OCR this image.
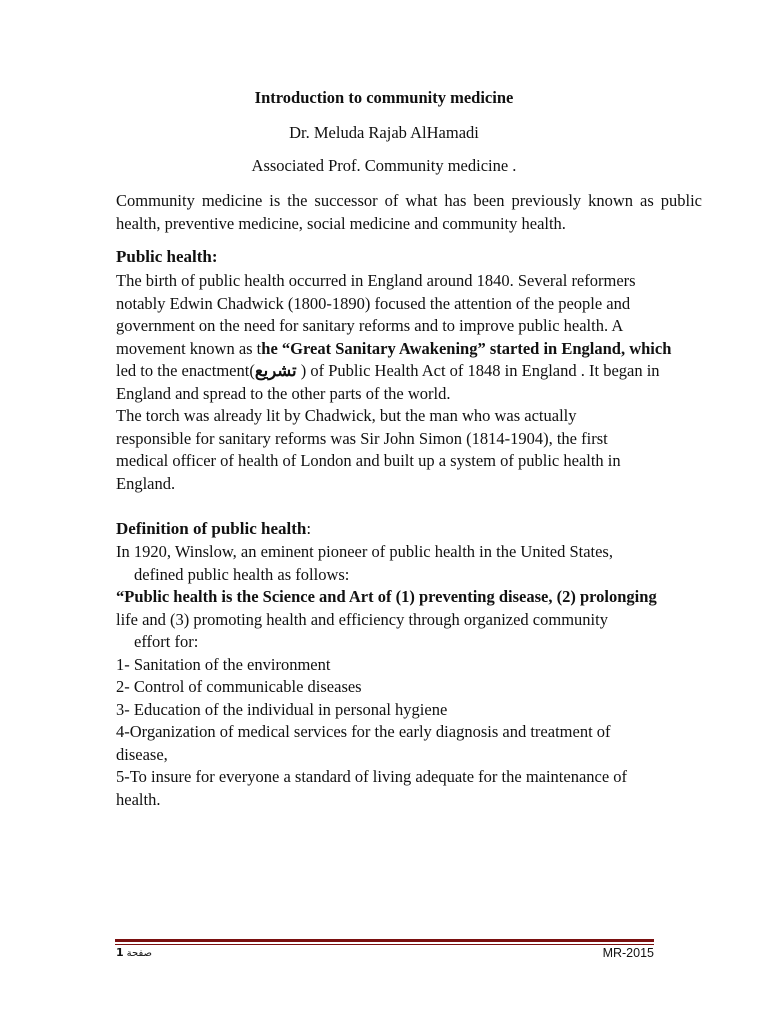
Introduction to community medicine
Dr. Meluda Rajab AlHamadi
Associated Prof. Community medicine .

Community medicine is the successor of what has been previously known as public health, preventive medicine, social medicine and community health.

Public health:
The birth of public health occurred in England around 1840. Several reformers
notably Edwin Chadwick (1800-1890) focused the attention of the people and
government on the need for sanitary reforms and to improve public health. A
movement known as the “Great Sanitary Awakening” started in England, which
led to the enactment(تشريع ) of Public Health Act of 1848 in England . It began in
England and spread to the other parts of the world.
The torch was already lit by Chadwick, but the man who was actually
responsible for sanitary reforms was Sir John Simon (1814-1904), the first
medical officer of health of London and built up a system of public health in
England.
Definition of public health:
In 1920, Winslow, an eminent pioneer of public health in the United States,
defined public health as follows:
“Public health is the Science and Art of (1) preventing disease, (2) prolonging
life and (3) promoting health and efficiency through organized community
effort for:
1- Sanitation of the environment
2- Control of communicable diseases
3- Education of the individual in personal hygiene
4-Organization of medical services for the early diagnosis and treatment of
disease,
5-To insure for everyone a standard of living adequate for the maintenance of
health.
1 صفحة	MR-2015
